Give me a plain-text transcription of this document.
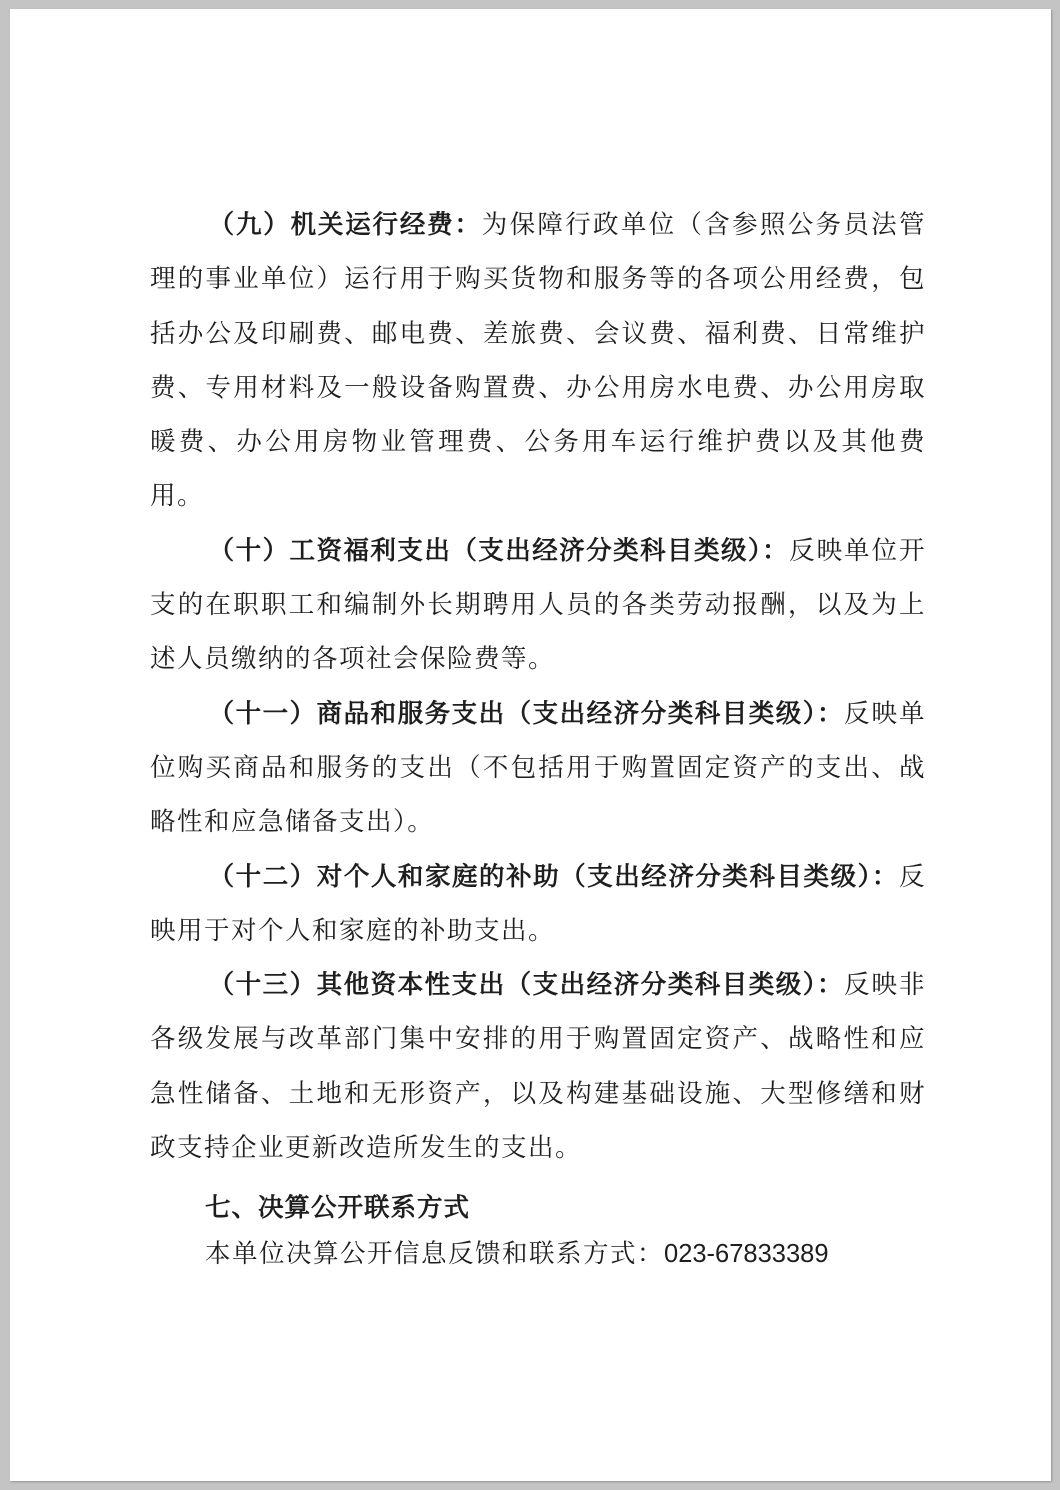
（九）机关运行经费：为保障行政单位（含参照公务员法管理的事业单位）运行用于购买货物和服务等的各项公用经费，包括办公及印刷费、邮电费、差旅费、会议费、福利费、日常维护费、专用材料及一般设备购置费、办公用房水电费、办公用房取暖费、办公用房物业管理费、公务用车运行维护费以及其他费用。

（十）工资福利支出（支出经济分类科目类级）：反映单位开支的在职职工和编制外长期聘用人员的各类劳动报酬，以及为上述人员缴纳的各项社会保险费等。

（十一）商品和服务支出（支出经济分类科目类级）：反映单位购买商品和服务的支出（不包括用于购置固定资产的支出、战略性和应急储备支出）。

（十二）对个人和家庭的补助（支出经济分类科目类级）：反映用于对个人和家庭的补助支出。

（十三）其他资本性支出（支出经济分类科目类级）：反映非各级发展与改革部门集中安排的用于购置固定资产、战略性和应急性储备、土地和无形资产，以及构建基础设施、大型修缮和财政支持企业更新改造所发生的支出。

七、决算公开联系方式

本单位决算公开信息反馈和联系方式：023-67833389
